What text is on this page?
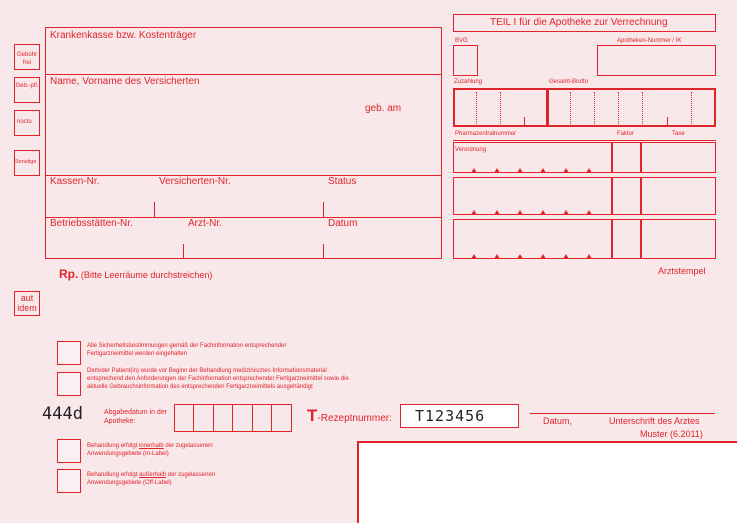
Gebühr frei
Geb.-pfl.
noctu
Sonstige
Krankenkasse bzw. Kostenträger
Name, Vorname des Versicherten
geb. am
Kassen-Nr.	Versicherten-Nr.	Status
Betriebsstätten-Nr.	Arzt-Nr.	Datum
Rp. (Bitte Leerräume durchstreichen)
aut idem
TEIL I für die Apotheke zur Verrechnung
BVG	Apotheken-Nummer / IK
Zuzahlung	Gesamt-Brutto
Pharmazentralnummer	Faktor	Taxe
Verordnung
Arztstempel
Alle Sicherheitsbestimmungen gemäß der Fachinformation entsprechender Fertigarzneimittel werden eingehalten
Dem/der Patient(in) wurde vor Beginn der Behandlung medizinisches Informationsmaterial entsprechend den Anforderungen der Fachinformation entsprechender Fertigarzneimittel sowie die aktuelle Gebrauchsinformation des entsprechenden Fertigarzneimittels ausgehändigt
444d	Abgabedatum in der Apotheke:	T-Rezeptnummer: T123456	Datum,	Unterschrift des Arztes
Muster (6.2011)
Behandlung erfolgt innerhalb der zugelassenen Anwendungsgebiete (In-Label)
Behandlung erfolgt außerhalb der zugelassenen Anwendungsgebiete (Off-Label)
